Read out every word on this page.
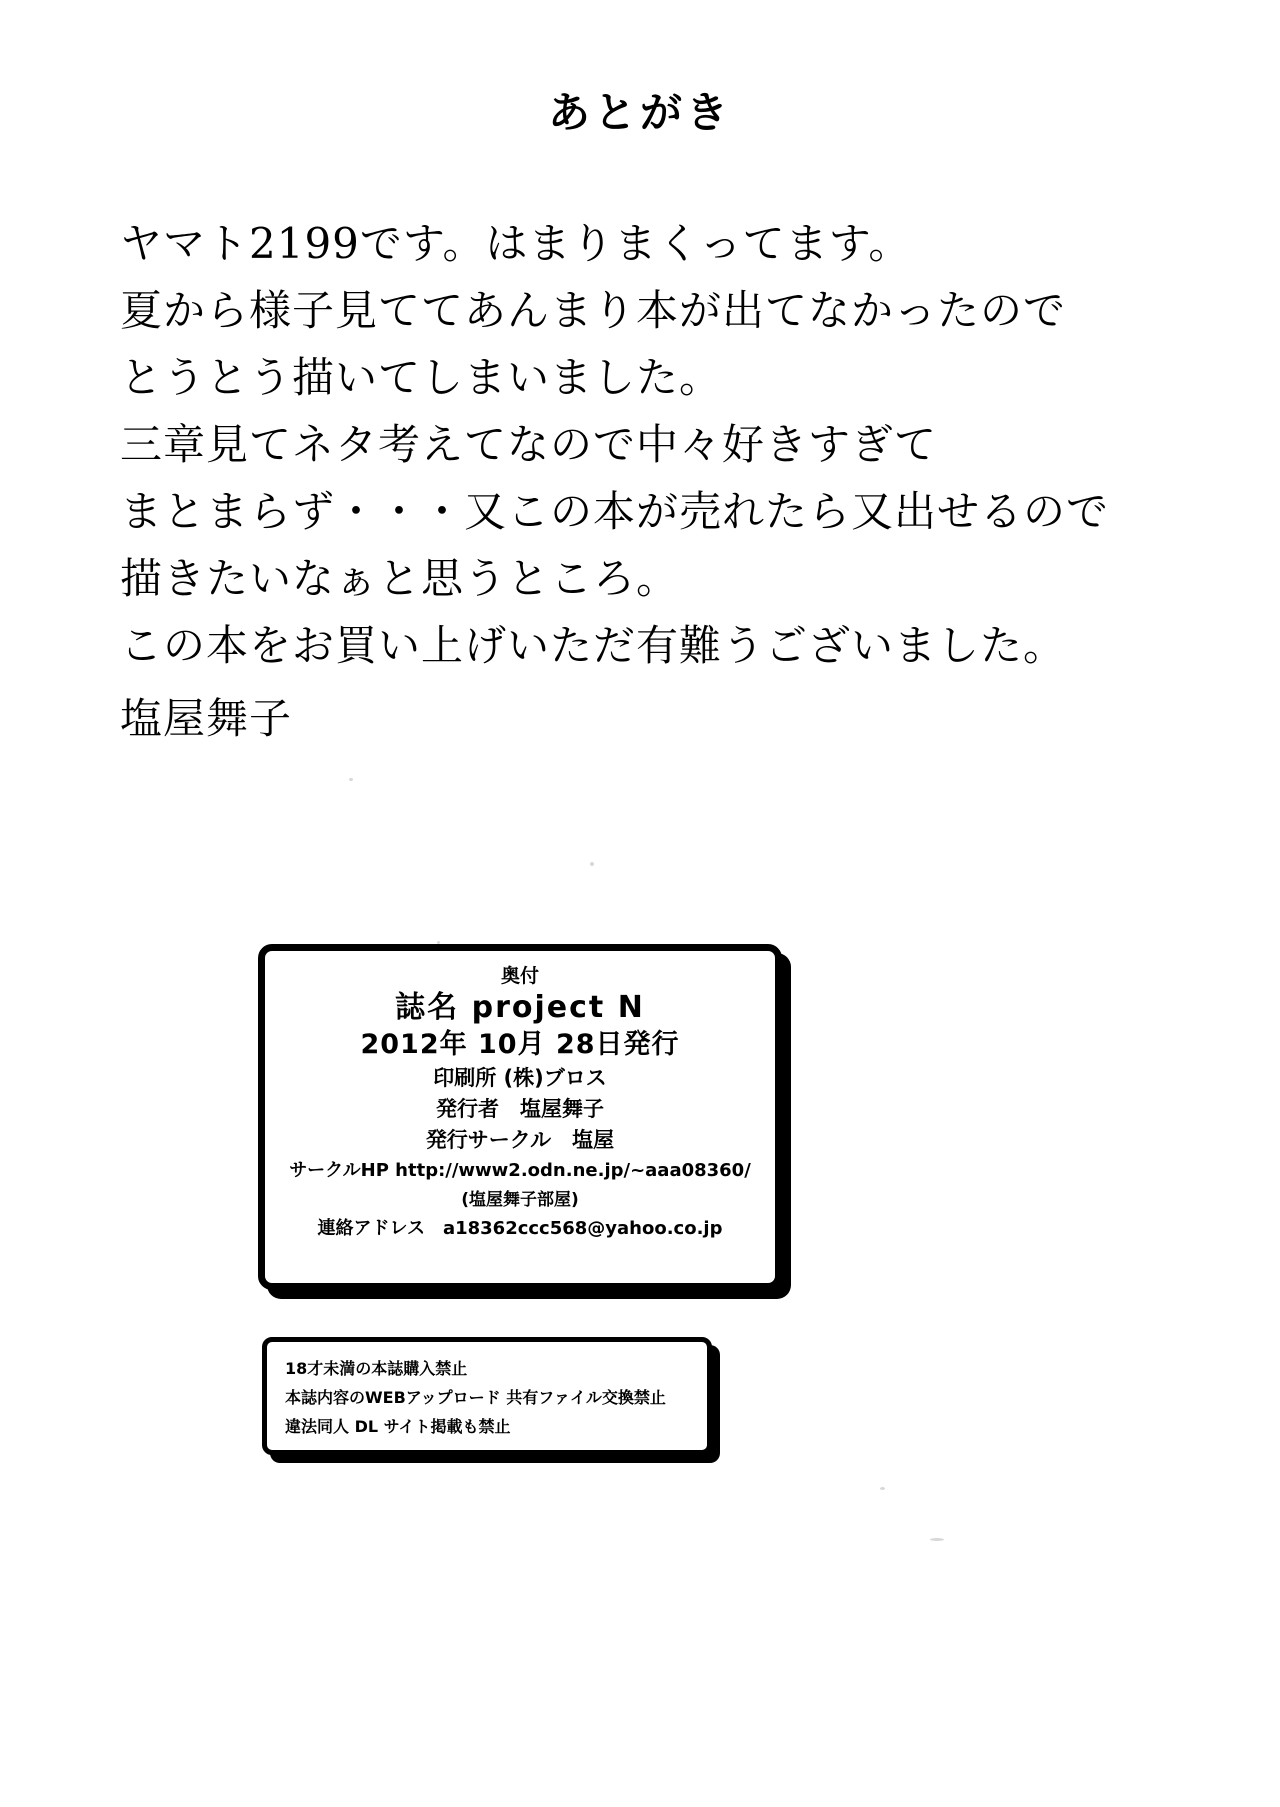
あとがき
ヤマト2199です。はまりまくってます。
夏から様子見ててあんまり本が出てなかったので
とうとう描いてしまいました。
三章見てネタ考えてなので中々好きすぎて
まとまらず・・・又この本が売れたら又出せるので
描きたいなぁと思うところ。
この本をお買い上げいただ有難うございました。
塩屋舞子
奥付
誌名 project N
2012年 10月 28日発行
印刷所 (株)ブロス
発行者　塩屋舞子
発行サークル　塩屋
サークルHP http://www2.odn.ne.jp/~aaa08360/
(塩屋舞子部屋)
連絡アドレス　a18362ccc568@yahoo.co.jp
18才未満の本誌購入禁止
本誌内容のWEBアップロード 共有ファイル交換禁止
違法同人 DL サイト掲載も禁止
